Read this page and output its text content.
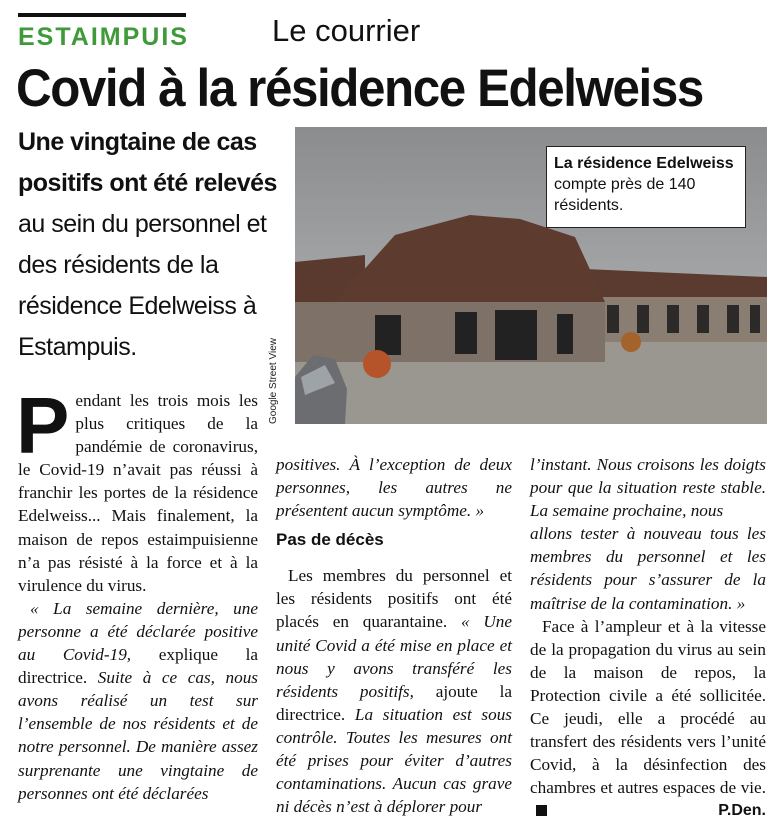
ESTAIMPUIS	Le courrier
Covid à la résidence Edelweiss
Une vingtaine de cas positifs ont été relevés au sein du personnel et des résidents de la résidence Edelweiss à Estampuis.	Google Street View
La résidence Edelweiss
compte près de 140 résidents.

Pendant les trois mois les plus critiques de la pandémie de coronavirus, le Covid-19 n’avait pas réussi à franchir les portes de la résidence Edelweiss... Mais finalement, la maison de repos estaimpuisienne n’a pas résisté à la force et à la virulence du virus.

« La semaine dernière, une personne a été déclarée positive au Covid-19, explique la directrice. Suite à ce cas, nous avons réalisé un test sur l’ensemble de nos résidents et de notre personnel. De manière assez surprenante une vingtaine de personnes ont été déclarées

positives. À l’exception de deux personnes, les autres ne présentent aucun symptôme. »

Pas de décès

Les membres du personnel et les résidents positifs ont été placés en quarantaine. « Une unité Covid a été mise en place et nous y avons transféré les résidents positifs, ajoute la directrice. La situation est sous contrôle. Toutes les mesures ont été prises pour éviter d’autres contaminations. Aucun cas grave ni décès n’est à déplorer pour

l’instant. Nous croisons les doigts pour que la situation reste stable. La semaine prochaine, nous

allons tester à nouveau tous les membres du personnel et les résidents pour s’assurer de la maîtrise de la contamination. »

Face à l’ampleur et à la vitesse de la propagation du virus au sein de la maison de repos, la Protection civile a été sollicitée. Ce jeudi, elle a procédé au transfert des résidents vers l’unité Covid, à la désinfection des chambres et autres espaces de vie.
P.Den.
